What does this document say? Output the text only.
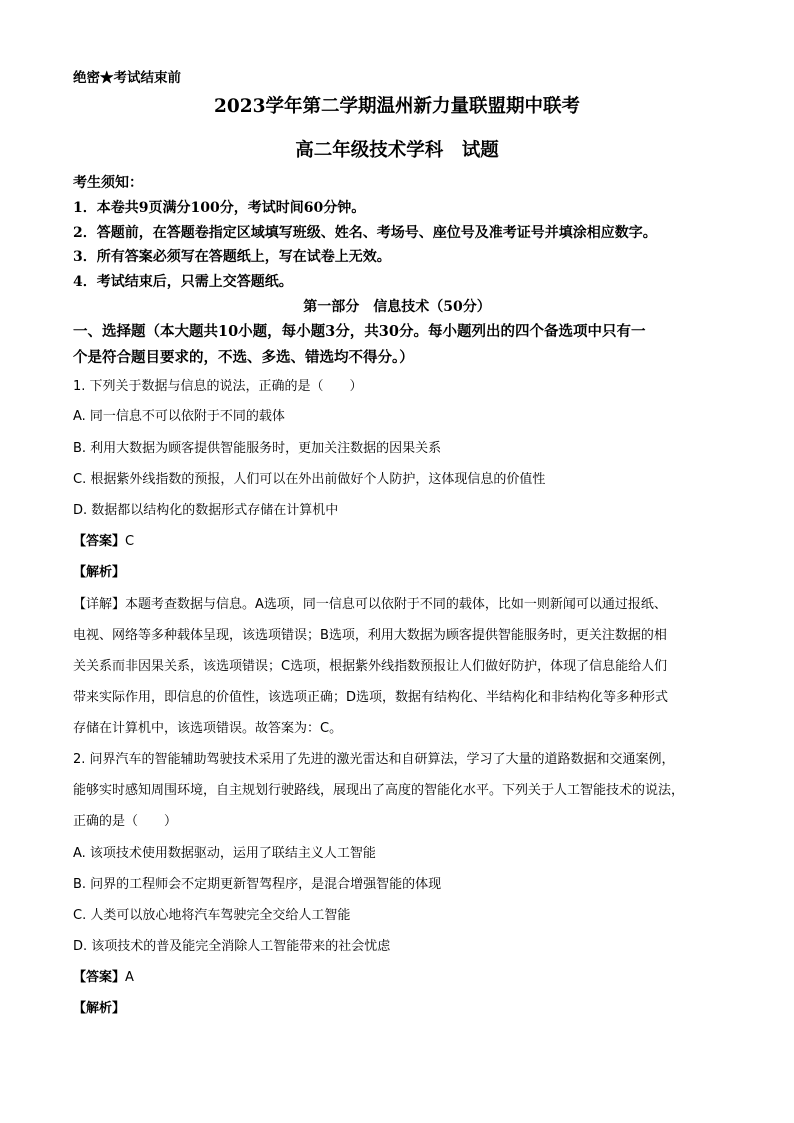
绝密★考试结束前
2023学年第二学期温州新力量联盟期中联考
高二年级技术学科　试题
考生须知：
1．本卷共9页满分100分，考试时间60分钟。
2．答题前，在答题卷指定区域填写班级、姓名、考场号、座位号及准考证号并填涂相应数字。
3．所有答案必须写在答题纸上，写在试卷上无效。
4．考试结束后，只需上交答题纸。
第一部分　信息技术（50分）
一、选择题（本大题共10小题，每小题3分，共30分。每小题列出的四个备选项中只有一
个是符合题目要求的，不选、多选、错选均不得分。）
1. 下列关于数据与信息的说法，正确的是（　　）
A. 同一信息不可以依附于不同的载体
B. 利用大数据为顾客提供智能服务时，更加关注数据的因果关系
C. 根据紫外线指数的预报，人们可以在外出前做好个人防护，这体现信息的价值性
D. 数据都以结构化的数据形式存储在计算机中
【答案】C
【解析】
【详解】本题考查数据与信息。A选项，同一信息可以依附于不同的载体，比如一则新闻可以通过报纸、
电视、网络等多种载体呈现，该选项错误；B选项，利用大数据为顾客提供智能服务时，更关注数据的相
关关系而非因果关系，该选项错误；C选项，根据紫外线指数预报让人们做好防护，体现了信息能给人们
带来实际作用，即信息的价值性，该选项正确；D选项，数据有结构化、半结构化和非结构化等多种形式
存储在计算机中，该选项错误。故答案为：C。
2. 问界汽车的智能辅助驾驶技术采用了先进的激光雷达和自研算法，学习了大量的道路数据和交通案例，
能够实时感知周围环境，自主规划行驶路线，展现出了高度的智能化水平。下列关于人工智能技术的说法，
正确的是（　　）
A. 该项技术使用数据驱动，运用了联结主义人工智能
B. 问界的工程师会不定期更新智驾程序，是混合增强智能的体现
C. 人类可以放心地将汽车驾驶完全交给人工智能
D. 该项技术的普及能完全消除人工智能带来的社会忧虑
【答案】A
【解析】
